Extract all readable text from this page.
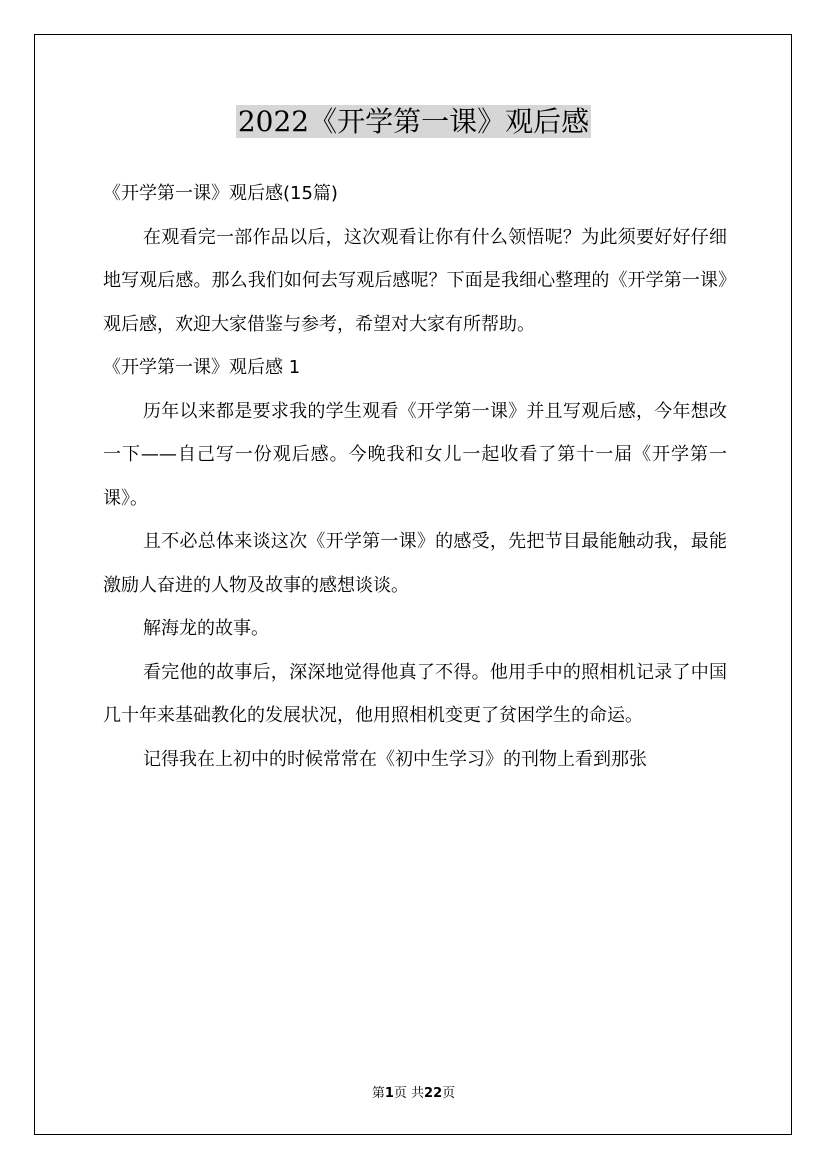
2022《开学第一课》观后感

《开学第一课》观后感(15篇)

在观看完一部作品以后，这次观看让你有什么领悟呢？为此须要好好仔细地写观后感。那么我们如何去写观后感呢？下面是我细心整理的《开学第一课》观后感，欢迎大家借鉴与参考，希望对大家有所帮助。

《开学第一课》观后感 1

历年以来都是要求我的学生观看《开学第一课》并且写观后感，今年想改一下——自己写一份观后感。今晚我和女儿一起收看了第十一届《开学第一课》。

且不必总体来谈这次《开学第一课》的感受，先把节目最能触动我，最能激励人奋进的人物及故事的感想谈谈。

解海龙的故事。

看完他的故事后，深深地觉得他真了不得。他用手中的照相机记录了中国几十年来基础教化的发展状况，他用照相机变更了贫困学生的命运。

记得我在上初中的时候常常在《初中生学习》的刊物上看到那张

第1页 共22页
